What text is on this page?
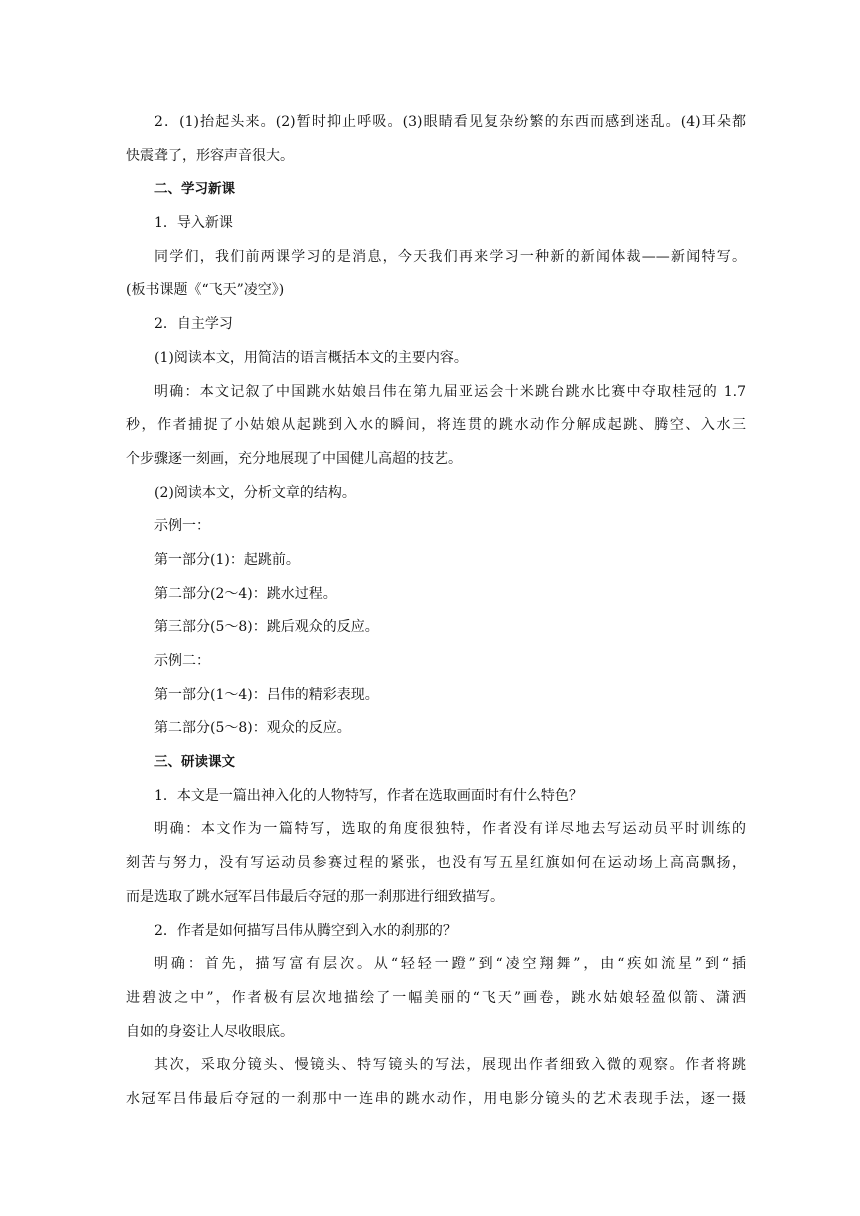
2．(1)抬起头来。(2)暂时抑止呼吸。(3)眼睛看见复杂纷繁的东西而感到迷乱。(4)耳朵都

快震聋了，形容声音很大。

二、学习新课

1．导入新课

同学们，我们前两课学习的是消息，今天我们再来学习一种新的新闻体裁——新闻特写。

(板书课题《“飞天”凌空》)

2．自主学习

(1)阅读本文，用简洁的语言概括本文的主要内容。

明确：本文记叙了中国跳水姑娘吕伟在第九届亚运会十米跳台跳水比赛中夺取桂冠的 1.7

秒，作者捕捉了小姑娘从起跳到入水的瞬间，将连贯的跳水动作分解成起跳、腾空、入水三

个步骤逐一刻画，充分地展现了中国健儿高超的技艺。

(2)阅读本文，分析文章的结构。

示例一：

第一部分(1)：起跳前。

第二部分(2～4)：跳水过程。

第三部分(5～8)：跳后观众的反应。

示例二：

第一部分(1～4)：吕伟的精彩表现。

第二部分(5～8)：观众的反应。

三、研读课文

1．本文是一篇出神入化的人物特写，作者在选取画面时有什么特色？

明确：本文作为一篇特写，选取的角度很独特，作者没有详尽地去写运动员平时训练的

刻苦与努力，没有写运动员参赛过程的紧张，也没有写五星红旗如何在运动场上高高飘扬，

而是选取了跳水冠军吕伟最后夺冠的那一刹那进行细致描写。

2．作者是如何描写吕伟从腾空到入水的刹那的？

明确：首先，描写富有层次。从“轻轻一蹬”到“凌空翔舞”，由“疾如流星”到“插

进碧波之中”，作者极有层次地描绘了一幅美丽的“飞天”画卷，跳水姑娘轻盈似箭、潇洒

自如的身姿让人尽收眼底。

其次，采取分镜头、慢镜头、特写镜头的写法，展现出作者细致入微的观察。作者将跳

水冠军吕伟最后夺冠的一刹那中一连串的跳水动作，用电影分镜头的艺术表现手法，逐一摄
